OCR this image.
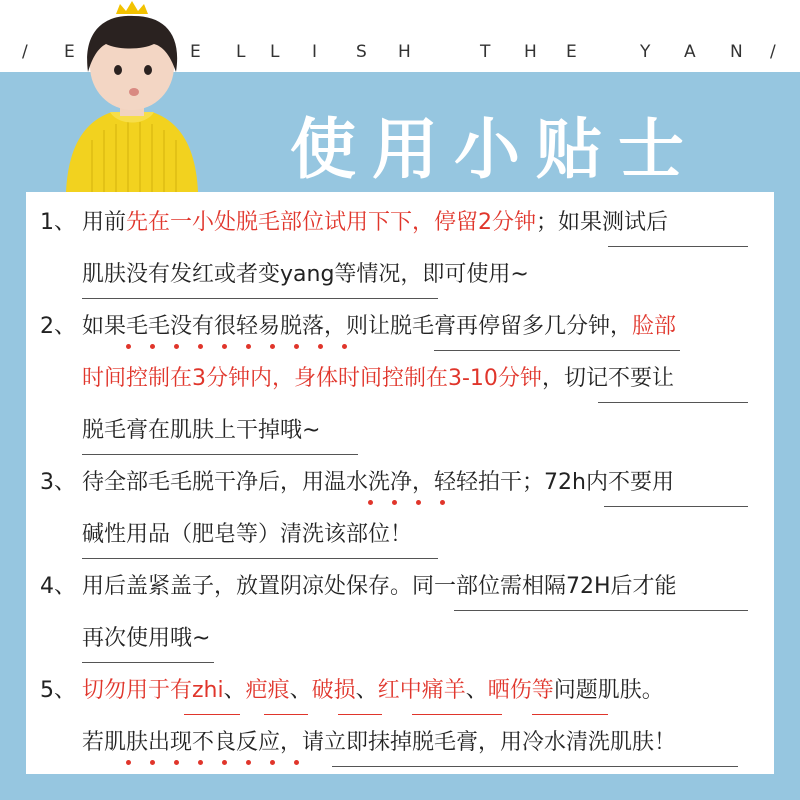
/ E	E L L I S H	T H E	Y A N /
使用小贴士
1、 用前先在一小处脱毛部位试用下下，停留2分钟；如果测试后
肌肤没有发红或者变yang等情况，即可使用~
2、 如果毛毛没有很轻易脱落，则让脱毛膏再停留多几分钟，脸部
时间控制在3分钟内，身体时间控制在3-10分钟，切记不要让
脱毛膏在肌肤上干掉哦~
3、 待全部毛毛脱干净后，用温水洗净，轻轻拍干；72h内不要用
碱性用品（肥皂等）清洗该部位！
4、 用后盖紧盖子，放置阴凉处保存。同一部位需相隔72H后才能
再次使用哦~
5、 切勿用于有zhi、疤痕、破损、红中痛羊、晒伤等问题肌肤。
若肌肤出现不良反应，请立即抹掉脱毛膏，用冷水清洗肌肤！
